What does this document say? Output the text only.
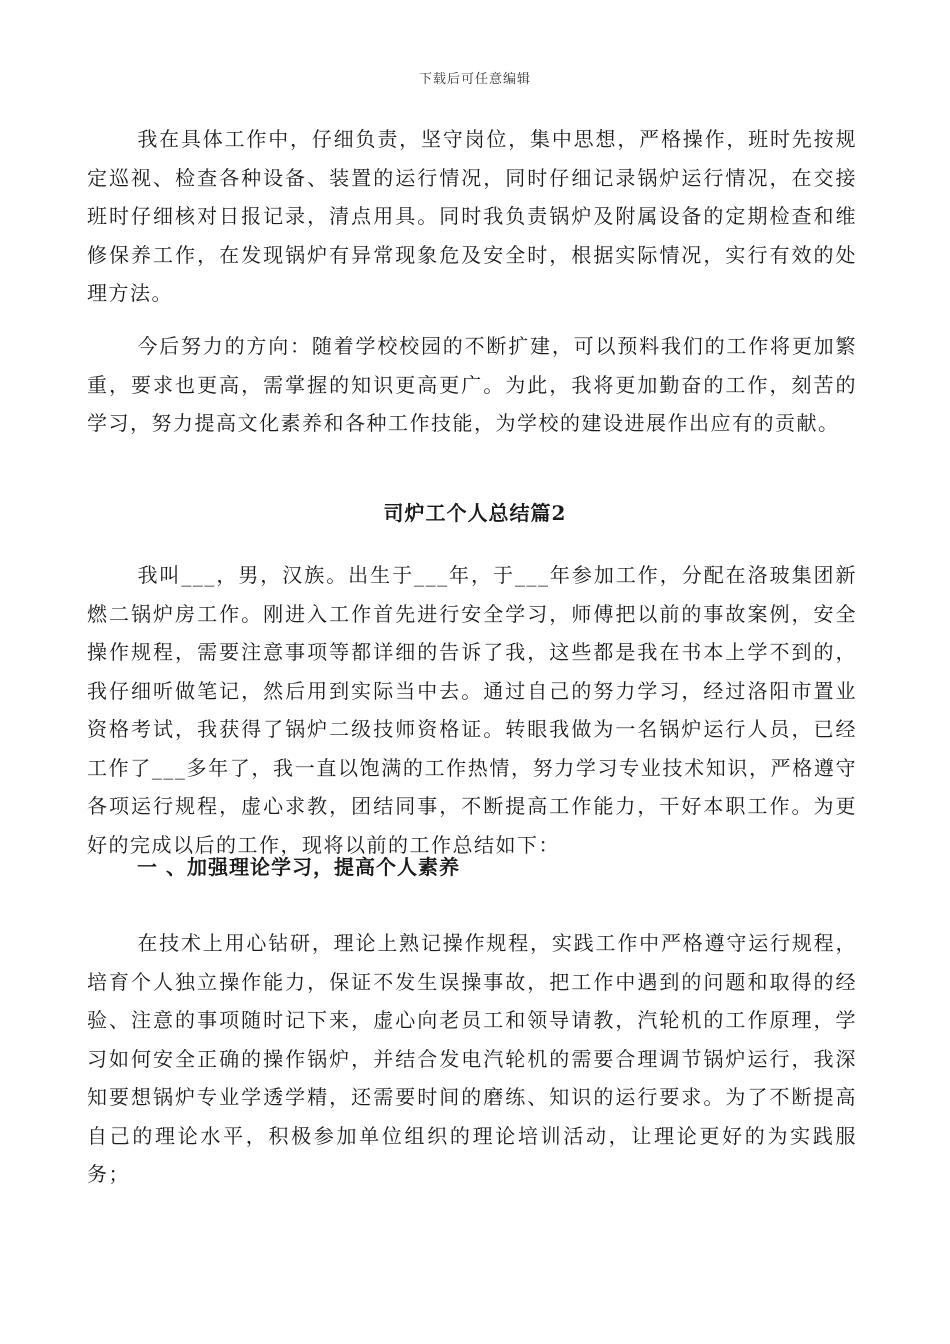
下载后可任意编辑

我在具体工作中，仔细负责，坚守岗位，集中思想，严格操作，班时先按规定巡视、检查各种设备、装置的运行情况，同时仔细记录锅炉运行情况，在交接班时仔细核对日报记录，清点用具。同时我负责锅炉及附属设备的定期检查和维修保养工作，在发现锅炉有异常现象危及安全时，根据实际情况，实行有效的处理方法。

今后努力的方向：随着学校校园的不断扩建，可以预料我们的工作将更加繁重，要求也更高，需掌握的知识更高更广。为此，我将更加勤奋的工作，刻苦的学习，努力提高文化素养和各种工作技能，为学校的建设进展作出应有的贡献。

司炉工个人总结篇2

我叫___，男，汉族。出生于___年，于___年参加工作，分配在洛玻集团新燃二锅炉房工作。刚进入工作首先进行安全学习，师傅把以前的事故案例，安全操作规程，需要注意事项等都详细的告诉了我，这些都是我在书本上学不到的，我仔细听做笔记，然后用到实际当中去。通过自己的努力学习，经过洛阳市置业资格考试，我获得了锅炉二级技师资格证。转眼我做为一名锅炉运行人员，已经工作了___多年了，我一直以饱满的工作热情，努力学习专业技术知识，严格遵守各项运行规程，虚心求教，团结同事，不断提高工作能力，干好本职工作。为更好的完成以后的工作，现将以前的工作总结如下：

一 、加强理论学习，提高个人素养

在技术上用心钻研，理论上熟记操作规程，实践工作中严格遵守运行规程，培育个人独立操作能力，保证不发生误操事故，把工作中遇到的问题和取得的经验、注意的事项随时记下来，虚心向老员工和领导请教，汽轮机的工作原理，学习如何安全正确的操作锅炉，并结合发电汽轮机的需要合理调节锅炉运行，我深知要想锅炉专业学透学精，还需要时间的磨练、知识的运行要求。为了不断提高自己的理论水平，积极参加单位组织的理论培训活动，让理论更好的为实践服务；
